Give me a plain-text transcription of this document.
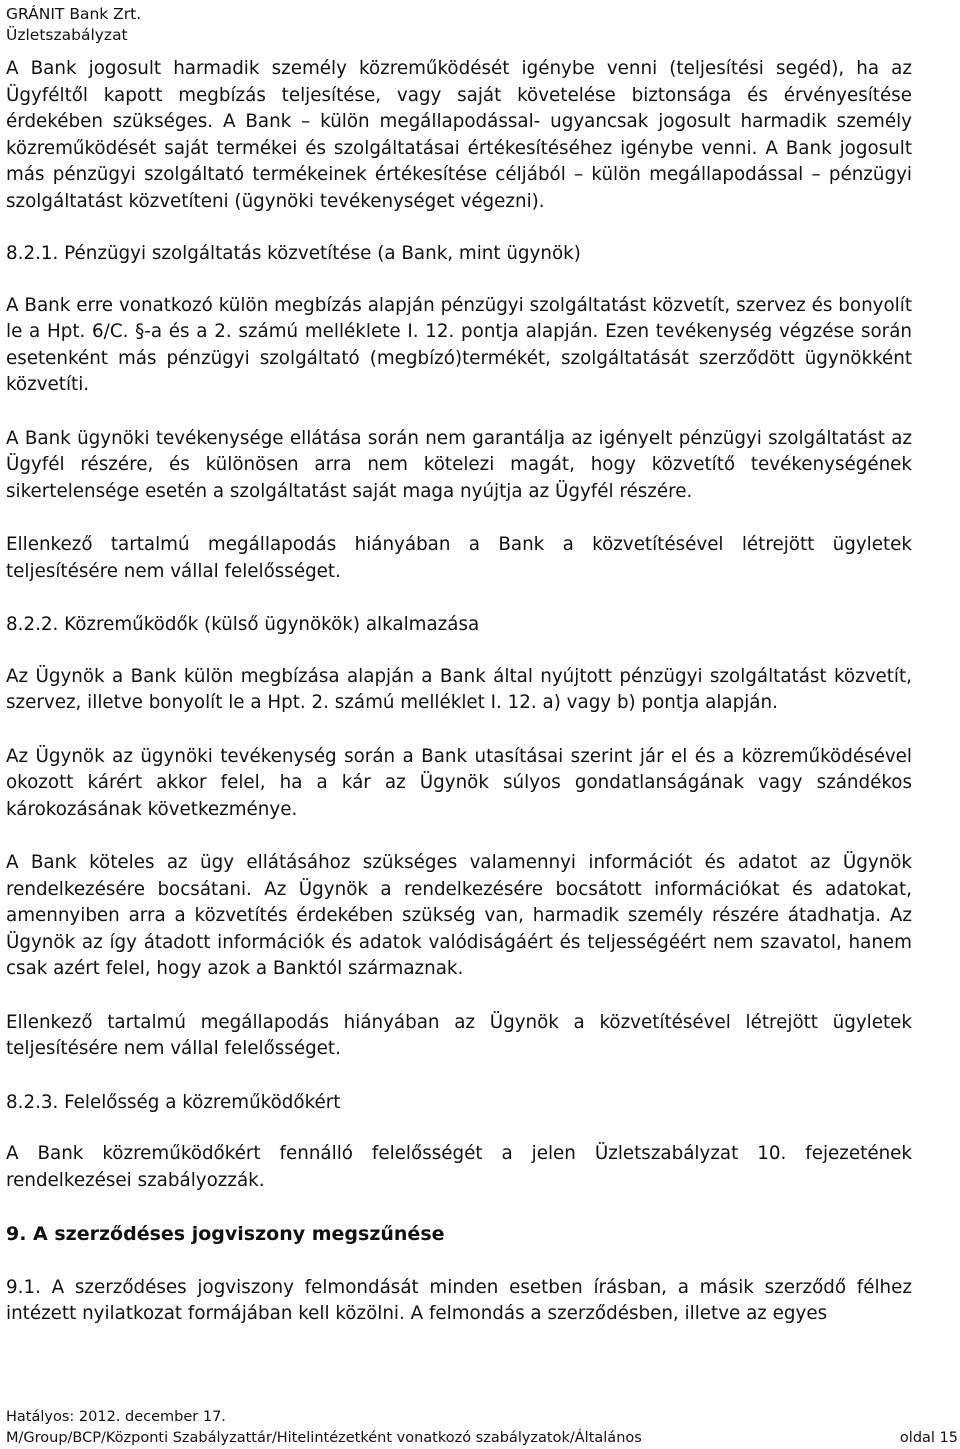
GRÁNIT Bank Zrt.
Üzletszabályzat

A Bank jogosult harmadik személy közreműködését igénybe venni (teljesítési segéd), ha az Ügyféltől kapott megbízás teljesítése, vagy saját követelése biztonsága és érvényesítése érdekében szükséges. A Bank – külön megállapodással- ugyancsak jogosult harmadik személy közreműködését saját termékei és szolgáltatásai értékesítéséhez igénybe venni. A Bank jogosult más pénzügyi szolgáltató termékeinek értékesítése céljából – külön megállapodással – pénzügyi szolgáltatást közvetíteni (ügynöki tevékenységet végezni).

8.2.1. Pénzügyi szolgáltatás közvetítése (a Bank, mint ügynök)

A Bank erre vonatkozó külön megbízás alapján pénzügyi szolgáltatást közvetít, szervez és bonyolít le a Hpt. 6/C. §-a és a 2. számú melléklete I. 12. pontja alapján. Ezen tevékenység végzése során esetenként más pénzügyi szolgáltató (megbízó)termékét, szolgáltatását szerződött ügynökként közvetíti.

A Bank ügynöki tevékenysége ellátása során nem garantálja az igényelt pénzügyi szolgáltatást az Ügyfél részére, és különösen arra nem kötelezi magát, hogy közvetítő tevékenységének sikertelensége esetén a szolgáltatást saját maga nyújtja az Ügyfél részére.

Ellenkező tartalmú megállapodás hiányában a Bank a közvetítésével létrejött ügyletek teljesítésére nem vállal felelősséget.

8.2.2. Közreműködők (külső ügynökök) alkalmazása

Az Ügynök a Bank külön megbízása alapján a Bank által nyújtott pénzügyi szolgáltatást közvetít, szervez, illetve bonyolít le a Hpt. 2. számú melléklet I. 12. a) vagy b) pontja alapján.

Az Ügynök az ügynöki tevékenység során a Bank utasításai szerint jár el és a közreműködésével okozott kárért akkor felel, ha a kár az Ügynök súlyos gondatlanságának vagy szándékos károkozásának következménye.

A Bank köteles az ügy ellátásához szükséges valamennyi információt és adatot az Ügynök rendelkezésére bocsátani. Az Ügynök a rendelkezésére bocsátott információkat és adatokat, amennyiben arra a közvetítés érdekében szükség van, harmadik személy részére átadhatja. Az Ügynök az így átadott információk és adatok valódiságáért és teljességéért nem szavatol, hanem csak azért felel, hogy azok a Banktól származnak.

Ellenkező tartalmú megállapodás hiányában az Ügynök a közvetítésével létrejött ügyletek teljesítésére nem vállal felelősséget.

8.2.3. Felelősség a közreműködőkért

A Bank közreműködőkért fennálló felelősségét a jelen Üzletszabályzat 10. fejezetének rendelkezései szabályozzák.

9. A szerződéses jogviszony megszűnése

9.1. A szerződéses jogviszony felmondását minden esetben írásban, a másik szerződő félhez intézett nyilatkozat formájában kell közölni. A felmondás a szerződésben, illetve az egyes

Hatályos: 2012. december 17.
M/Group/BCP/Központi Szabályzattár/Hitelintézetként vonatkozó szabályzatok/Általános	oldal 15
